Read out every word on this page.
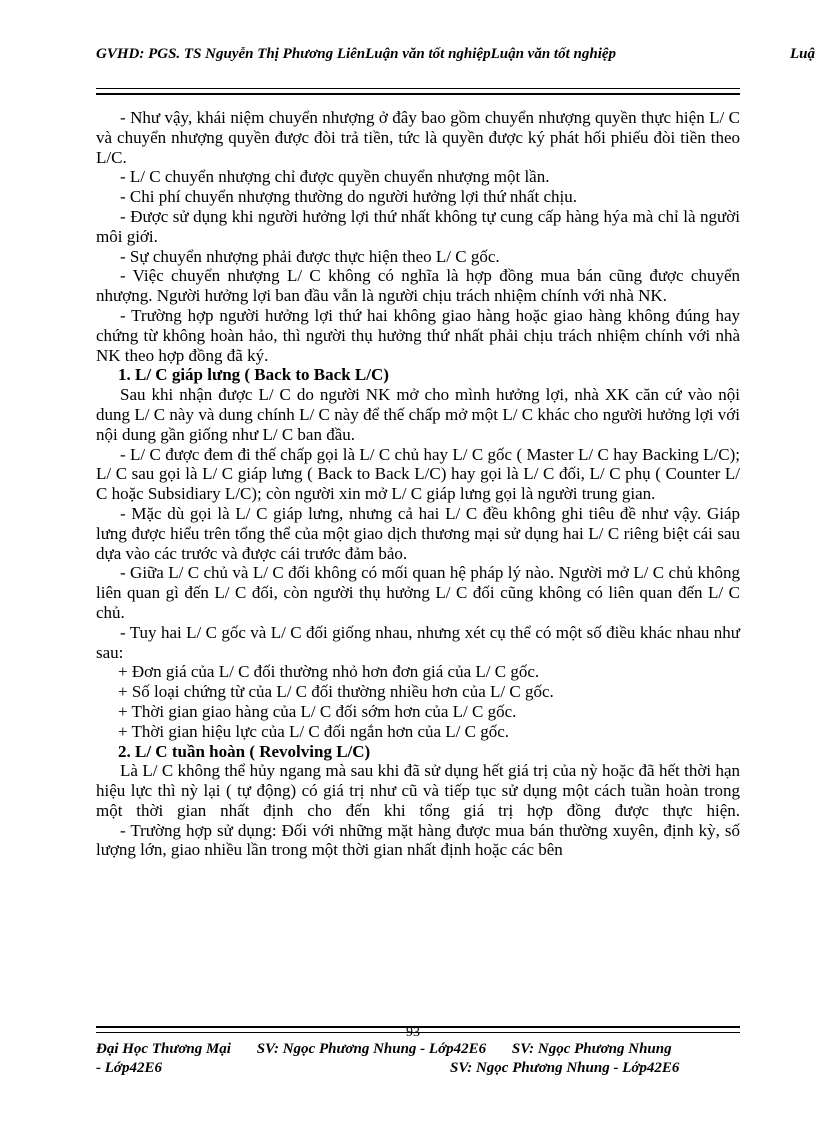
GVHD: PGS. TS Nguyễn Thị Phương LiênLuận văn tốt nghiệpLuận văn tốt nghiệp	Luậ

- Như vậy, khái niệm chuyển nhượng ở đây bao gồm chuyển nhượng quyền thực hiện L/ C và chuyển nhượng quyền được đòi trả tiền, tức là quyền được ký phát hối phiếu đòi tiền theo L/C.

- L/ C chuyển nhượng chỉ được quyền chuyển nhượng một lần.

- Chi phí chuyển nhượng thường do người hưởng lợi thứ nhất chịu.

- Được sử dụng khi người hưởng lợi thứ nhất không tự cung cấp hàng hýa mà chỉ là người môi giới.

- Sự chuyển nhượng phải được thực hiện theo L/ C gốc.

- Việc chuyển nhượng L/ C không có nghĩa là hợp đồng mua bán cũng được chuyển nhượng. Người hưởng lợi ban đầu vẫn là người chịu trách nhiệm chính với nhà NK.

- Trường hợp người hưởng lợi thứ hai không giao hàng hoặc giao hàng không đúng hay chứng từ không hoàn hảo, thì người thụ hưởng thứ nhất phải chịu trách nhiệm chính với nhà NK theo hợp đồng đã ký.

1. L/ C giáp lưng ( Back to Back L/C)

Sau khi nhận được L/ C do người NK mở cho mình hưởng lợi, nhà XK căn cứ vào nội dung L/ C này và dung chính L/ C này để thế chấp mở một L/ C khác cho người hưởng lợi với nội dung gần giống như L/ C ban đầu.

- L/ C được đem đi thế chấp gọi là L/ C chủ hay L/ C gốc ( Master L/ C hay Backing L/C); L/ C sau gọi là L/ C giáp lưng ( Back to Back L/C) hay gọi là L/ C đối, L/ C phụ ( Counter L/ C hoặc Subsidiary L/C); còn người xin mở L/ C giáp lưng gọi là người trung gian.

- Mặc dù gọi là L/ C giáp lưng, nhưng cả hai L/ C đều không ghi tiêu đề như vậy. Giáp lưng được hiểu trên tổng thể của một giao dịch thương mại sử dụng hai L/ C riêng biệt cái sau dựa vào các trước và được cái trước đảm bảo.

- Giữa L/ C chủ và L/ C đối không có mối quan hệ pháp lý nào. Người mở L/ C chủ không liên quan gì đến L/ C đối, còn người thụ hưởng L/ C đối cũng không có liên quan đến L/ C chủ.

- Tuy hai L/ C gốc và L/ C đối giống nhau, nhưng xét cụ thể có một số điều khác nhau như sau:

+ Đơn giá của L/ C đối thường nhỏ hơn đơn giá của L/ C gốc.

+ Số loại chứng từ của L/ C đối thường nhiều hơn của L/ C gốc.

+ Thời gian giao hàng của L/ C đối sớm hơn của L/ C gốc.

+ Thời gian hiệu lực của L/ C đối ngắn hơn của L/ C gốc.

2. L/ C tuần hoàn ( Revolving L/C)

Là L/ C không thể hủy ngang mà sau khi đã sử dụng hết giá trị của nỳ hoặc đã hết thời hạn hiệu lực thì nỳ lại ( tự động) có giá trị như cũ và tiếp tục sử dụng một cách tuần hoàn trong một thời gian nhất định cho đến khi tổng giá trị hợp đồng được thực hiện.

- Trường hợp sử dụng: Đối với những mặt hàng được mua bán thường xuyên, định kỳ, số lượng lớn, giao nhiều lần trong một thời gian nhất định hoặc các bên

93
Đại Học Thương Mại SV: Ngọc Phương Nhung - Lớp42E6 SV: Ngọc Phương Nhung
- Lớp42E6	SV: Ngọc Phương Nhung - Lớp42E6
